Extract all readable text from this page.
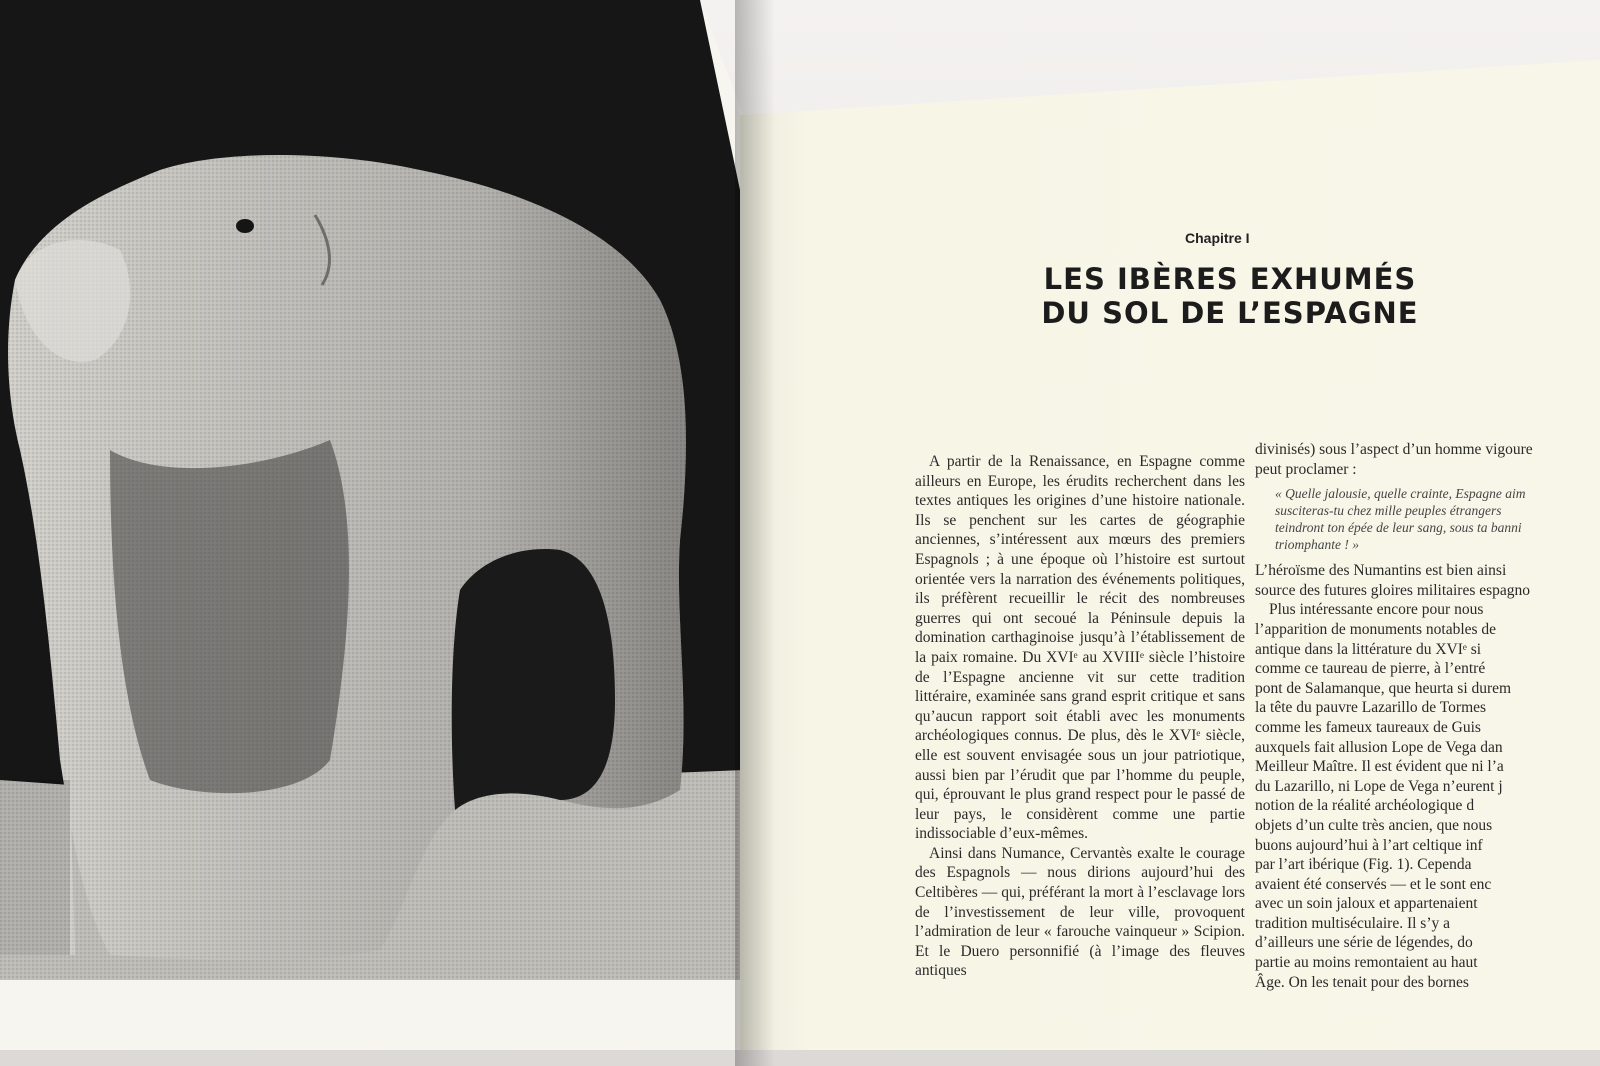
Chapitre I
LES IBÈRES EXHUMÉS
DU SOL DE L’ESPAGNE

A partir de la Renaissance, en Espagne comme ailleurs en Europe, les érudits recherchent dans les textes antiques les origines d’une histoire nationale. Ils se penchent sur les cartes de géographie anciennes, s’intéressent aux mœurs des premiers Espagnols ; à une époque où l’histoire est surtout orientée vers la narration des événements politiques, ils préfèrent recueillir le récit des nombreuses guerres qui ont secoué la Péninsule depuis la domination carthaginoise jusqu’à l’établissement de la paix romaine. Du XVIᵉ au XVIIIᵉ siècle l’histoire de l’Espagne ancienne vit sur cette tradition littéraire, examinée sans grand esprit critique et sans qu’aucun rapport soit établi avec les monuments archéologiques connus. De plus, dès le XVIᵉ siècle, elle est souvent envisagée sous un jour patriotique, aussi bien par l’érudit que par l’homme du peuple, qui, éprouvant le plus grand respect pour le passé de leur pays, le considèrent comme une partie indissociable d’eux-mêmes.

Ainsi dans Numance, Cervantès exalte le courage des Espagnols — nous dirions aujourd’hui des Celtibères — qui, préférant la mort à l’esclavage lors de l’investissement de leur ville, provoquent l’admiration de leur « farouche vainqueur » Scipion. Et le Duero personnifié (à l’image des fleuves antiques

divinisés) sous l’aspect d’un homme vigoure

peut proclamer :

« Quelle jalousie, quelle crainte, Espagne aim

susciteras-tu chez mille peuples étrangers

teindront ton épée de leur sang, sous ta banni

triomphante ! »

L’héroïsme des Numantins est bien ainsi

source des futures gloires militaires espagno

Plus intéressante encore pour nous

l’apparition de monuments notables de

antique dans la littérature du XVIᵉ si

comme ce taureau de pierre, à l’entré

pont de Salamanque, que heurta si durem

la tête du pauvre Lazarillo de Tormes

comme les fameux taureaux de Guis

auxquels fait allusion Lope de Vega dan

Meilleur Maître. Il est évident que ni l’a

du Lazarillo, ni Lope de Vega n’eurent j

notion de la réalité archéologique d

objets d’un culte très ancien, que nous

buons aujourd’hui à l’art celtique inf

par l’art ibérique (Fig. 1). Cependa

avaient été conservés — et le sont enc

avec un soin jaloux et appartenaient

tradition multiséculaire. Il s’y a

d’ailleurs une série de légendes, do

partie au moins remontaient au haut

Âge. On les tenait pour des bornes
